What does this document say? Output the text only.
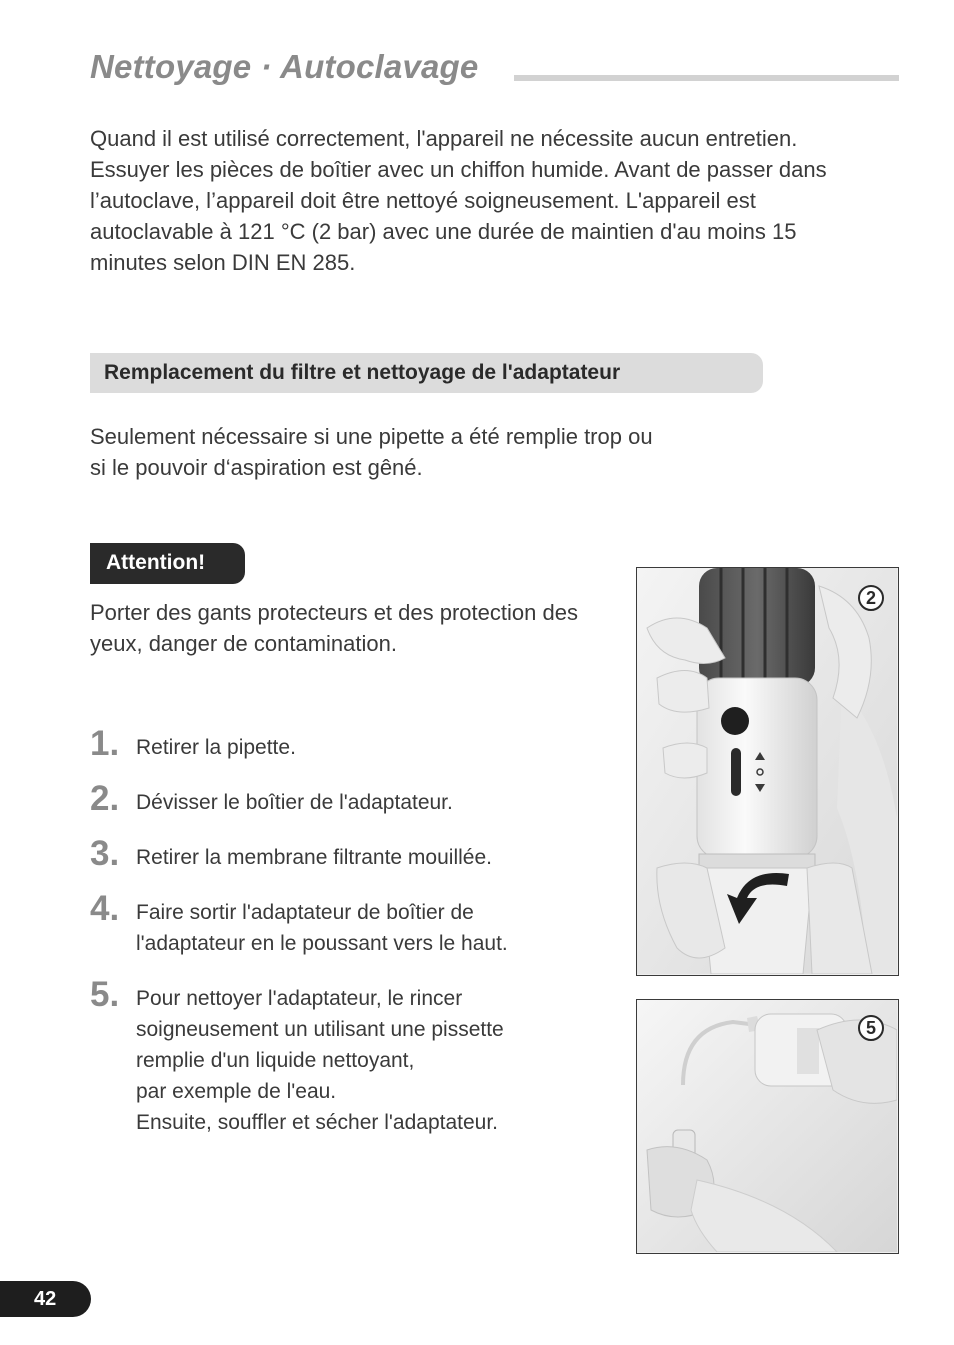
Nettoyage · Autoclavage

Quand il est utilisé correctement, l'appareil ne nécessite aucun entretien. Essuyer les pièces de boîtier avec un chiffon humide. Avant de passer dans l’autoclave, l’appareil doit être nettoyé soigneusement. L'appareil est autoclavable à 121 °C (2 bar) avec une durée de maintien d'au moins 15 minutes selon DIN EN 285.

Remplacement du filtre et nettoyage de l'adaptateur

Seulement nécessaire si une pipette a été remplie trop ou si le pouvoir d‘aspiration est gêné.

Attention!

Porter des gants protecteurs et des protection des yeux, danger de contamination.

1. Retirer la pipette.
2. Dévisser le boîtier de l'adaptateur.
3. Retirer la membrane filtrante mouillée.
4. Faire sortir l'adaptateur de boîtier de
l'adaptateur en le poussant vers le haut.
5. Pour nettoyer l'adaptateur, le rincer
soigneusement un utilisant une pissette
remplie d'un liquide nettoyant,
par exemple de l'eau.
Ensuite, souffler et sécher l'adaptateur.
2
5
42
